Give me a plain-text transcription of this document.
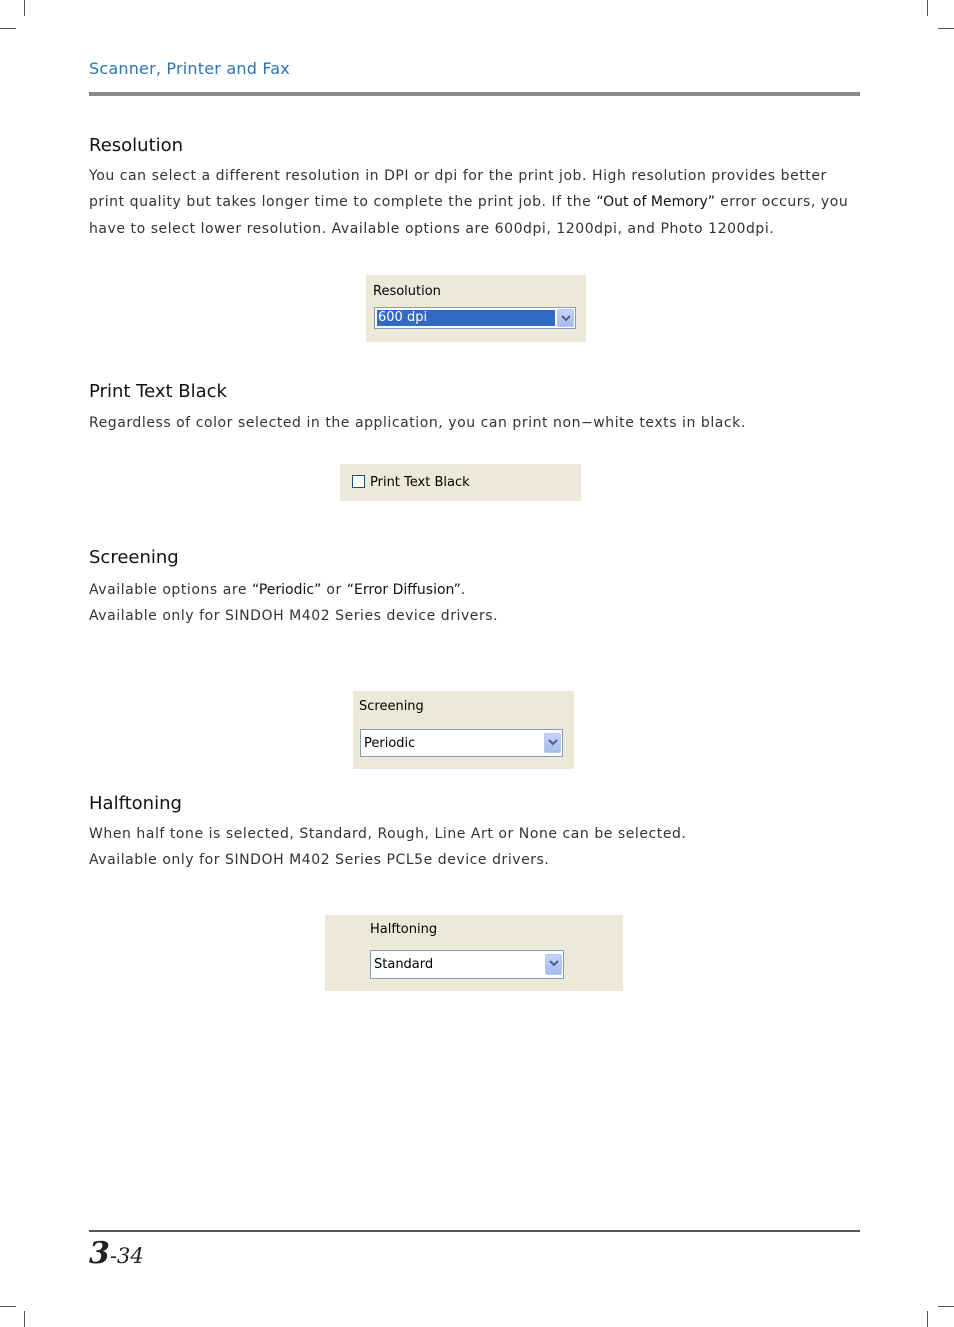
Scanner, Printer and Fax
Resolution

You can select a different resolution in DPI or dpi for the print job. High resolution provides better print quality but takes longer time to complete the print job. If the “Out of Memory” error occurs, you have to select lower resolution. Available options are 600dpi, 1200dpi, and Photo 1200dpi.

Resolution
600 dpi
Print Text Black

Regardless of color selected in the application, you can print non−white texts in black.

Print Text Black
Screening

Available options are “Periodic” or “Error Diffusion”.
Available only for SINDOH M402 Series device drivers.

Screening
Periodic
Halftoning

When half tone is selected, Standard, Rough, Line Art or None can be selected.
Available only for SINDOH M402 Series PCL5e device drivers.

Halftoning
Standard
3-34
